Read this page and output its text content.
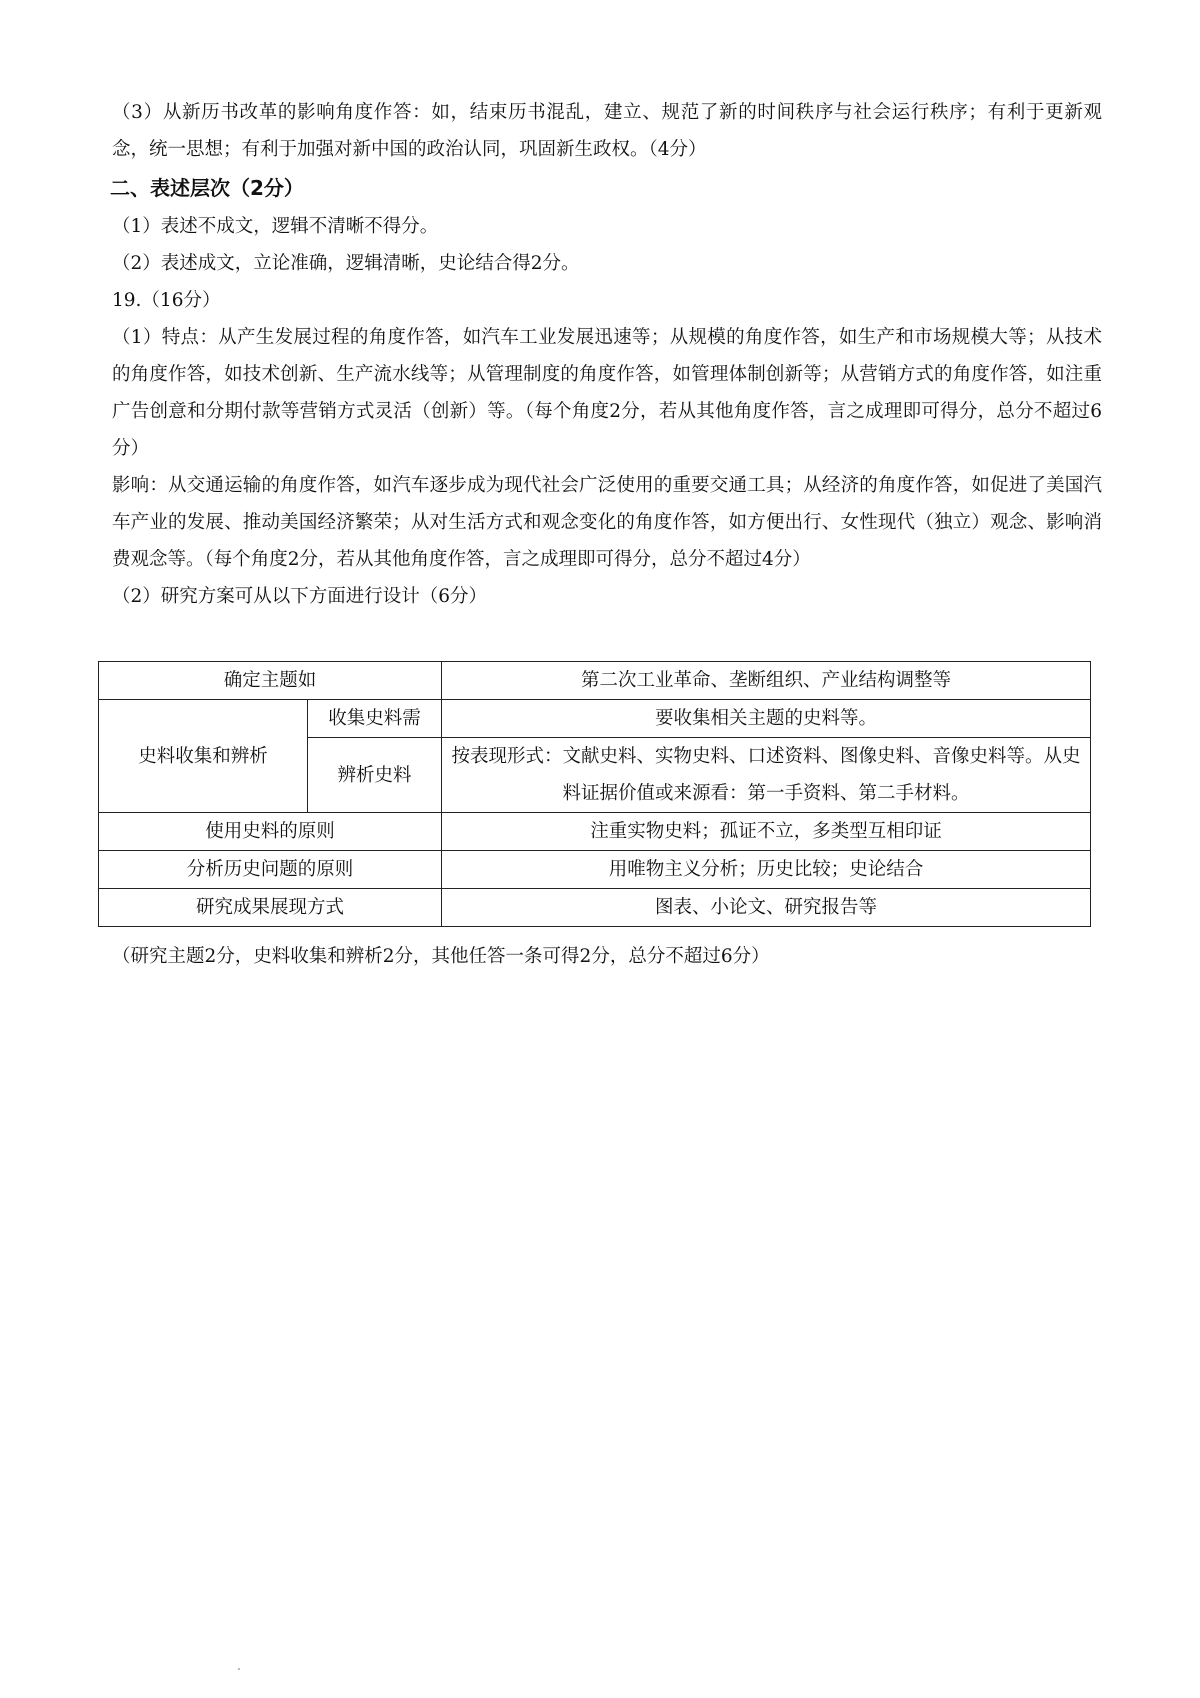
（3）从新历书改革的影响角度作答：如，结束历书混乱，建立、规范了新的时间秩序与社会运行秩序；有利于更新观念，统一思想；有利于加强对新中国的政治认同，巩固新生政权。（4分）

二、表述层次（2分）

（1）表述不成文，逻辑不清晰不得分。

（2）表述成文，立论准确，逻辑清晰，史论结合得2分。

19.（16分）

（1）特点：从产生发展过程的角度作答，如汽车工业发展迅速等；从规模的角度作答，如生产和市场规模大等；从技术的角度作答，如技术创新、生产流水线等；从管理制度的角度作答，如管理体制创新等；从营销方式的角度作答，如注重广告创意和分期付款等营销方式灵活（创新）等。（每个角度2分，若从其他角度作答，言之成理即可得分，总分不超过6分）

影响：从交通运输的角度作答，如汽车逐步成为现代社会广泛使用的重要交通工具；从经济的角度作答，如促进了美国汽车产业的发展、推动美国经济繁荣；从对生活方式和观念变化的角度作答，如方便出行、女性现代（独立）观念、影响消费观念等。（每个角度2分，若从其他角度作答，言之成理即可得分，总分不超过4分）

（2）研究方案可从以下方面进行设计（6分）

确定主题如		第二次工业革命、垄断组织、产业结构调整等
史料收集和辨析	收集史料需	要收集相关主题的史料等。
	辨析史料	按表现形式：文献史料、实物史料、口述资料、图像史料、音像史料等。从史料证据价值或来源看：第一手资料、第二手材料。
使用史料的原则		注重实物史料；孤证不立，多类型互相印证
分析历史问题的原则		用唯物主义分析；历史比较；史论结合
研究成果展现方式		图表、小论文、研究报告等

（研究主题2分，史料收集和辨析2分，其他任答一条可得2分，总分不超过6分）
